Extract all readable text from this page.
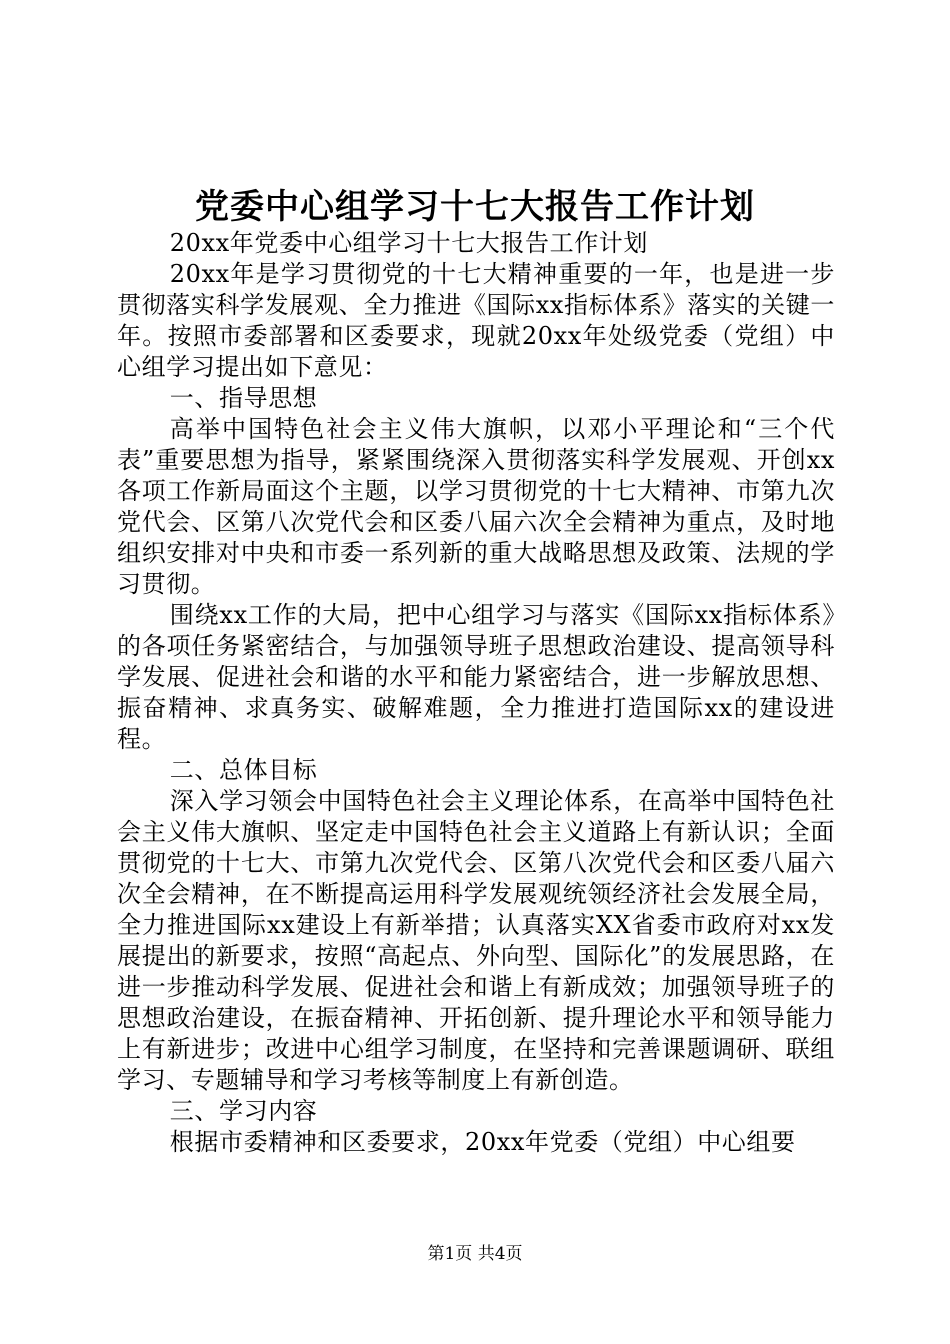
党委中心组学习十七大报告工作计划

20xx年党委中心组学习十七大报告工作计划

20xx年是学习贯彻党的十七大精神重要的一年，也是进一步贯彻落实科学发展观、全力推进《国际xx指标体系》落实的关键一年。按照市委部署和区委要求，现就20xx年处级党委（党组）中心组学习提出如下意见：

一、指导思想

高举中国特色社会主义伟大旗帜，以邓小平理论和“三个代表”重要思想为指导，紧紧围绕深入贯彻落实科学发展观、开创xx各项工作新局面这个主题，以学习贯彻党的十七大精神、市第九次党代会、区第八次党代会和区委八届六次全会精神为重点，及时地组织安排对中央和市委一系列新的重大战略思想及政策、法规的学习贯彻。

围绕xx工作的大局，把中心组学习与落实《国际xx指标体系》的各项任务紧密结合，与加强领导班子思想政治建设、提高领导科学发展、促进社会和谐的水平和能力紧密结合，进一步解放思想、振奋精神、求真务实、破解难题，全力推进打造国际xx的建设进程。

二、总体目标

深入学习领会中国特色社会主义理论体系，在高举中国特色社会主义伟大旗帜、坚定走中国特色社会主义道路上有新认识；全面贯彻党的十七大、市第九次党代会、区第八次党代会和区委八届六次全会精神，在不断提高运用科学发展观统领经济社会发展全局，全力推进国际xx建设上有新举措；认真落实XX省委市政府对xx发展提出的新要求，按照“高起点、外向型、国际化”的发展思路，在进一步推动科学发展、促进社会和谐上有新成效；加强领导班子的思想政治建设，在振奋精神、开拓创新、提升理论水平和领导能力上有新进步；改进中心组学习制度，在坚持和完善课题调研、联组学习、专题辅导和学习考核等制度上有新创造。

三、学习内容

根据市委精神和区委要求，20xx年党委（党组）中心组要

第1页 共4页
